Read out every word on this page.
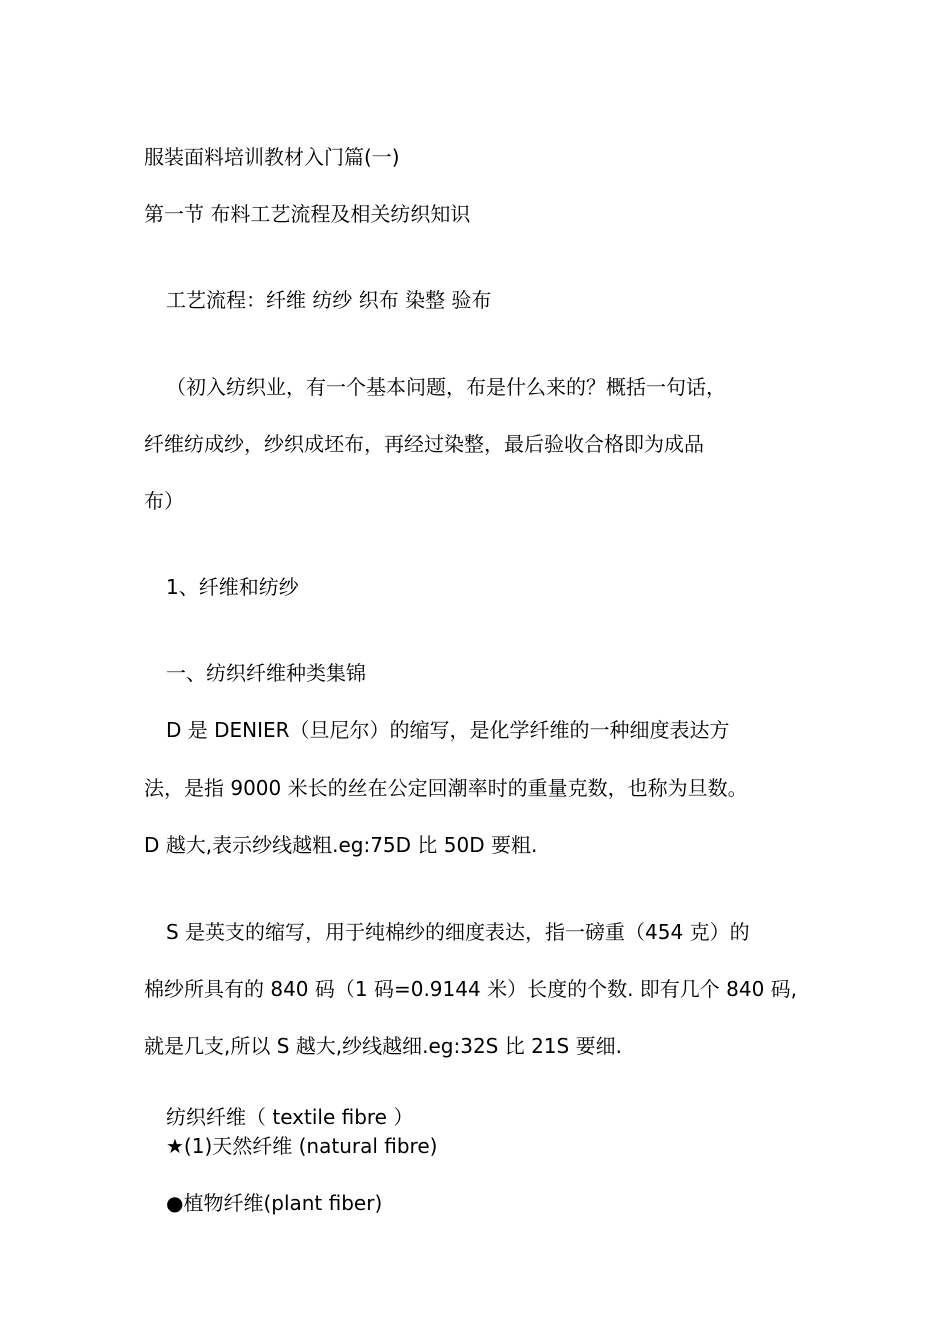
服装面料培训教材入门篇(一)
第一节 布料工艺流程及相关纺织知识
工艺流程：纤维 纺纱 织布 染整 验布
（初入纺织业，有一个基本问题，布是什么来的？概括一句话，
纤维纺成纱，纱织成坯布，再经过染整，最后验收合格即为成品
布）
1、纤维和纺纱
一、纺织纤维种类集锦
D 是 DENIER（旦尼尔）的缩写，是化学纤维的一种细度表达方
法，是指 9000 米长的丝在公定回潮率时的重量克数，也称为旦数。
D 越大,表示纱线越粗.eg:75D 比 50D 要粗.
S 是英支的缩写，用于纯棉纱的细度表达，指一磅重（454 克）的
棉纱所具有的 840 码（1 码=0.9144 米）长度的个数. 即有几个 840 码,
就是几支,所以 S 越大,纱线越细.eg:32S 比 21S 要细.
纺织纤维（ textile fibre ）
★(1)天然纤维 (natural fibre)
●植物纤维(plant fiber)
